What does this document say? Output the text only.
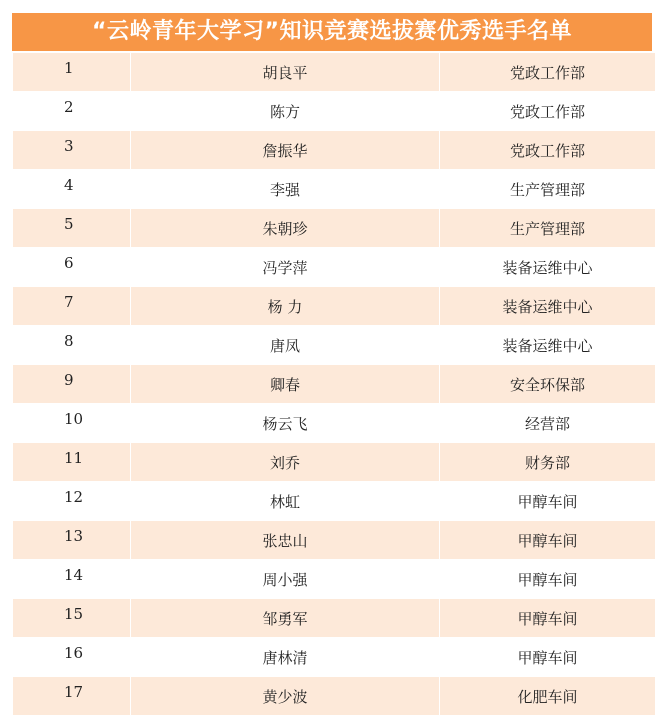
“云岭青年大学习”知识竞赛选拔赛优秀选手名单
1	胡良平	党政工作部
2	陈方	党政工作部
3	詹振华	党政工作部
4	李强	生产管理部
5	朱朝珍	生产管理部
6	冯学萍	装备运维中心
7	杨 力	装备运维中心
8	唐凤	装备运维中心
9	卿春	安全环保部
10	杨云飞	经营部
11	刘乔	财务部
12	林虹	甲醇车间
13	张忠山	甲醇车间
14	周小强	甲醇车间
15	邹勇军	甲醇车间
16	唐林清	甲醇车间
17	黄少波	化肥车间
